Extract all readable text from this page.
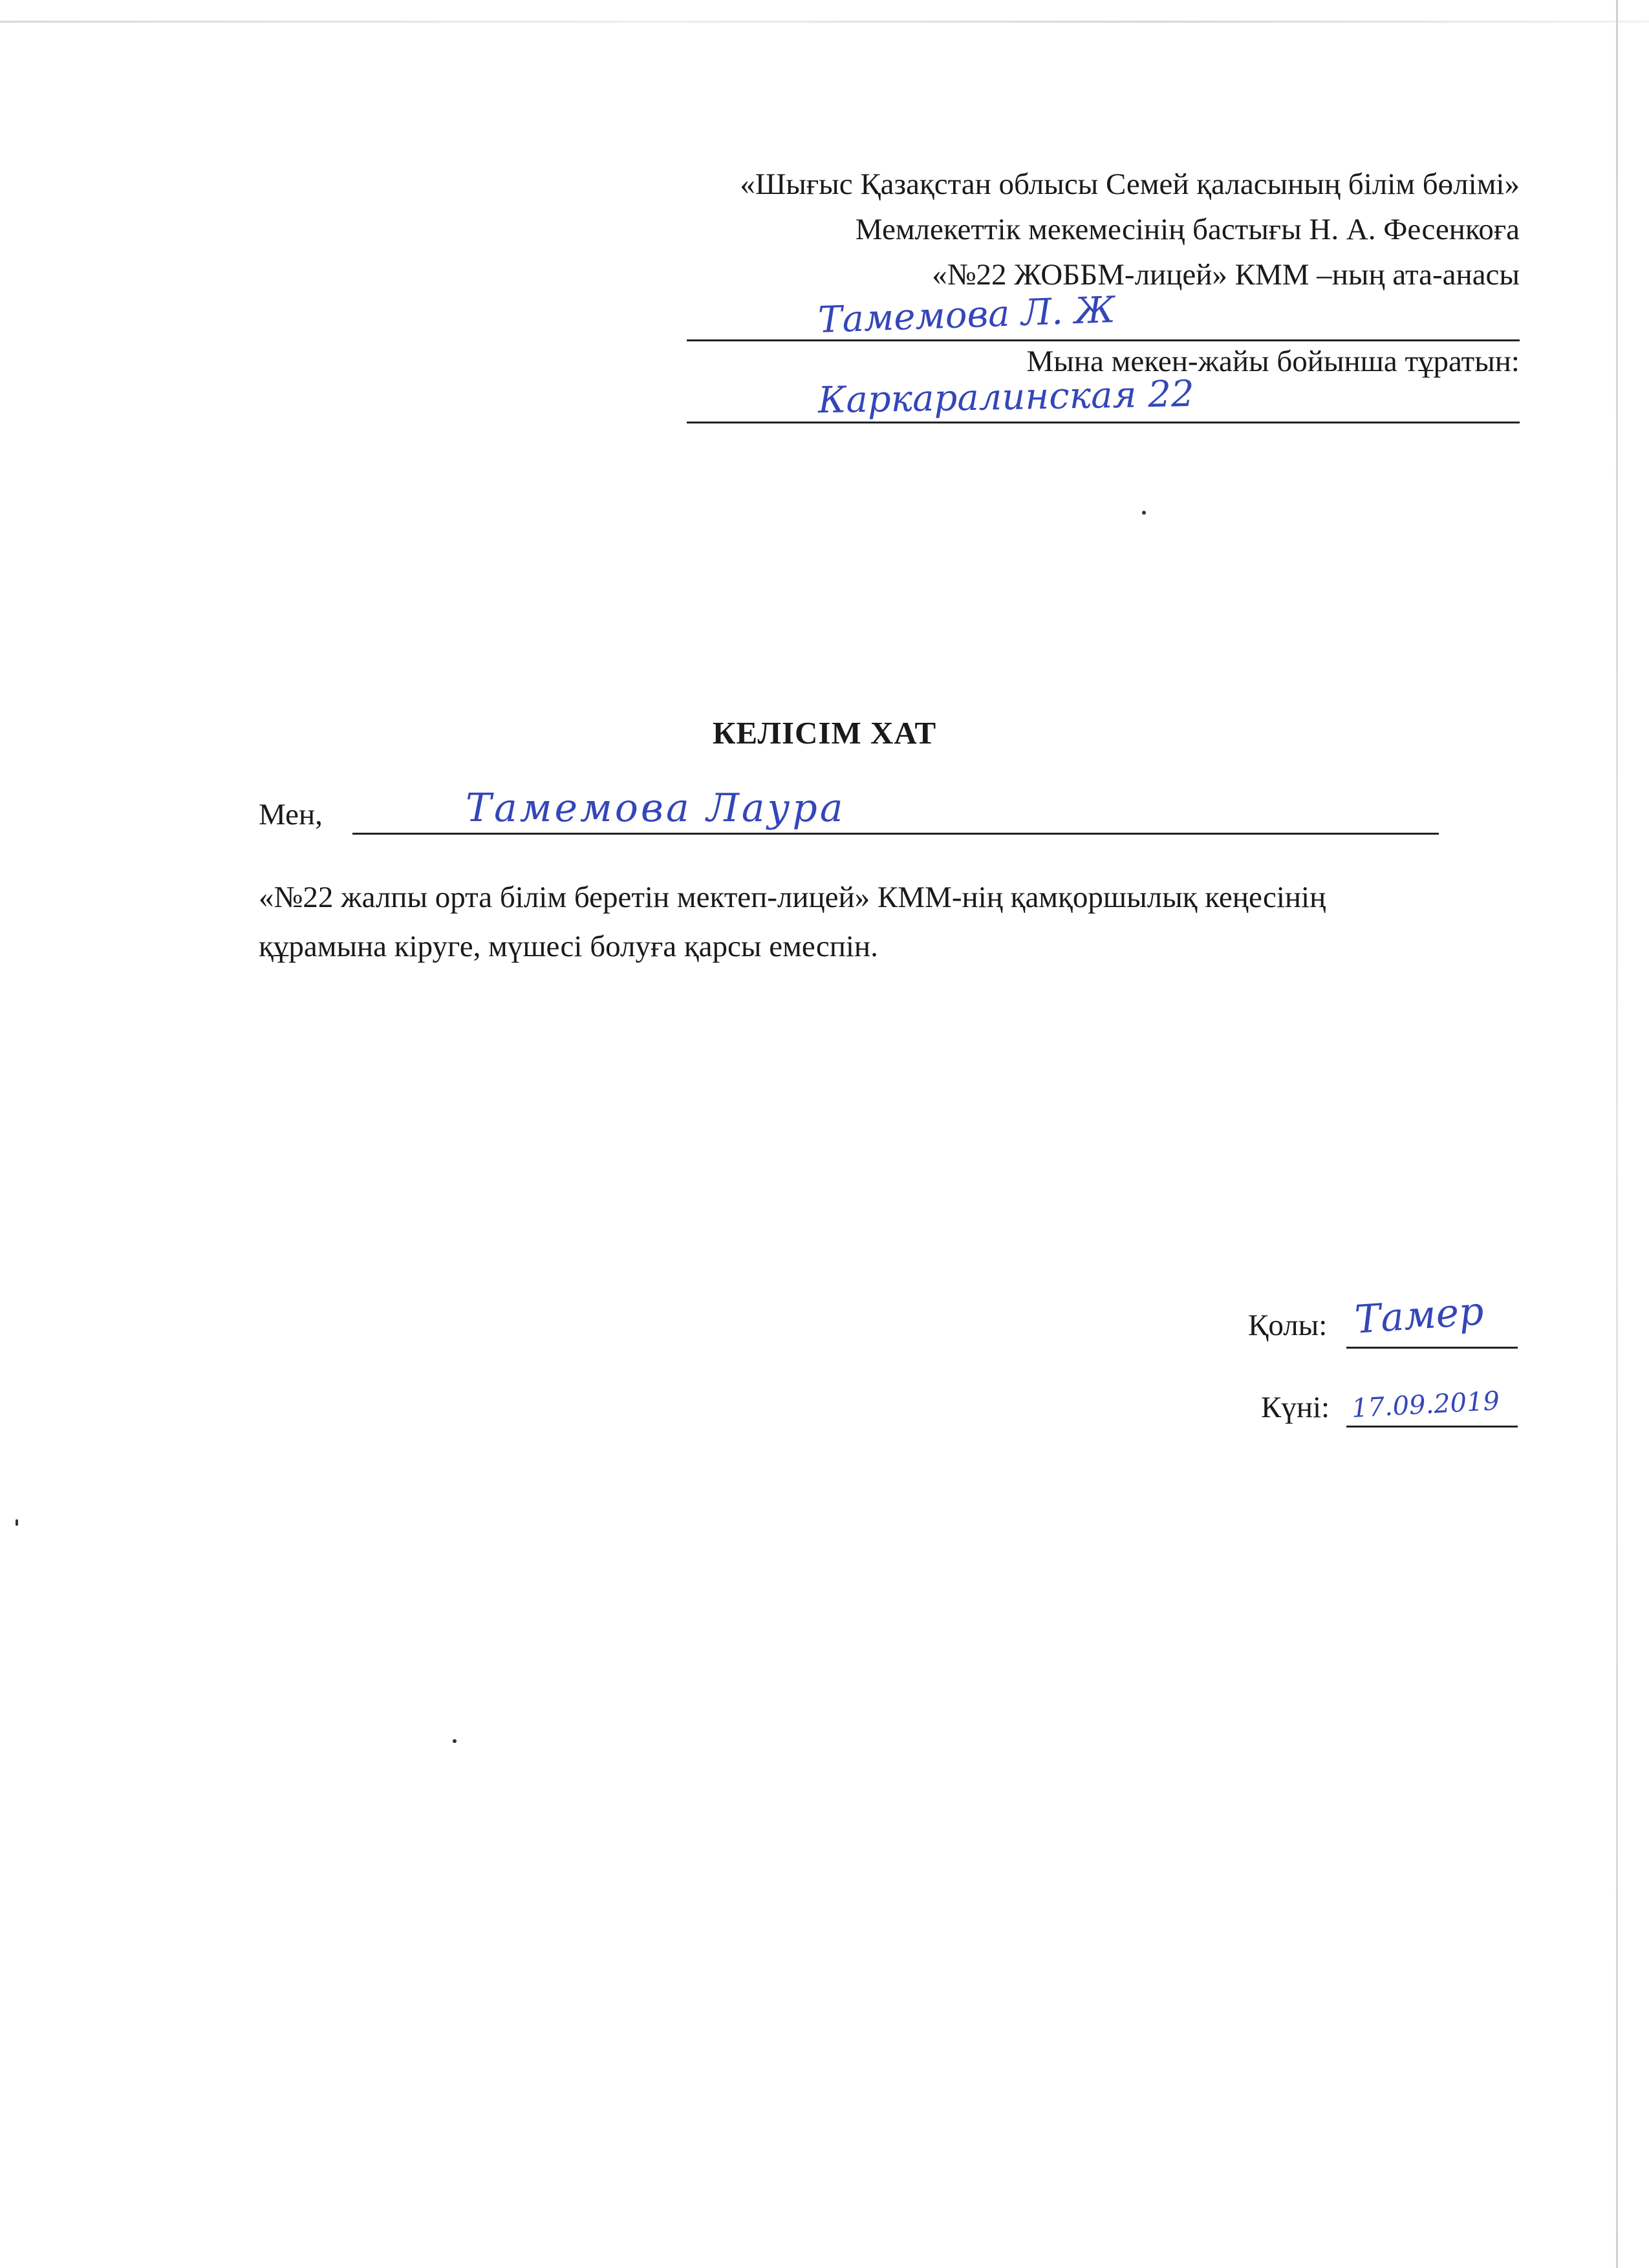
«Шығыс Қазақстан облысы Семей қаласының білім бөлімі»
Мемлекеттік мекемесінің бастығы Н. А. Фесенкоға
«№22 ЖОББМ-лицей» КММ –ның ата-анасы
Тамемова Л. Ж
Мына мекен-жайы бойынша тұратын:
Каркаралинская 22
КЕЛІСІМ ХАТ
Мен,	Тамемова Лаура
«№22 жалпы орта білім беретін мектеп-лицей» КММ-нің қамқоршылық кеңесінің құрамына кіруге, мүшесі болуға қарсы емеспін.
Қолы: Тамер
Күні: 17.09.2019
